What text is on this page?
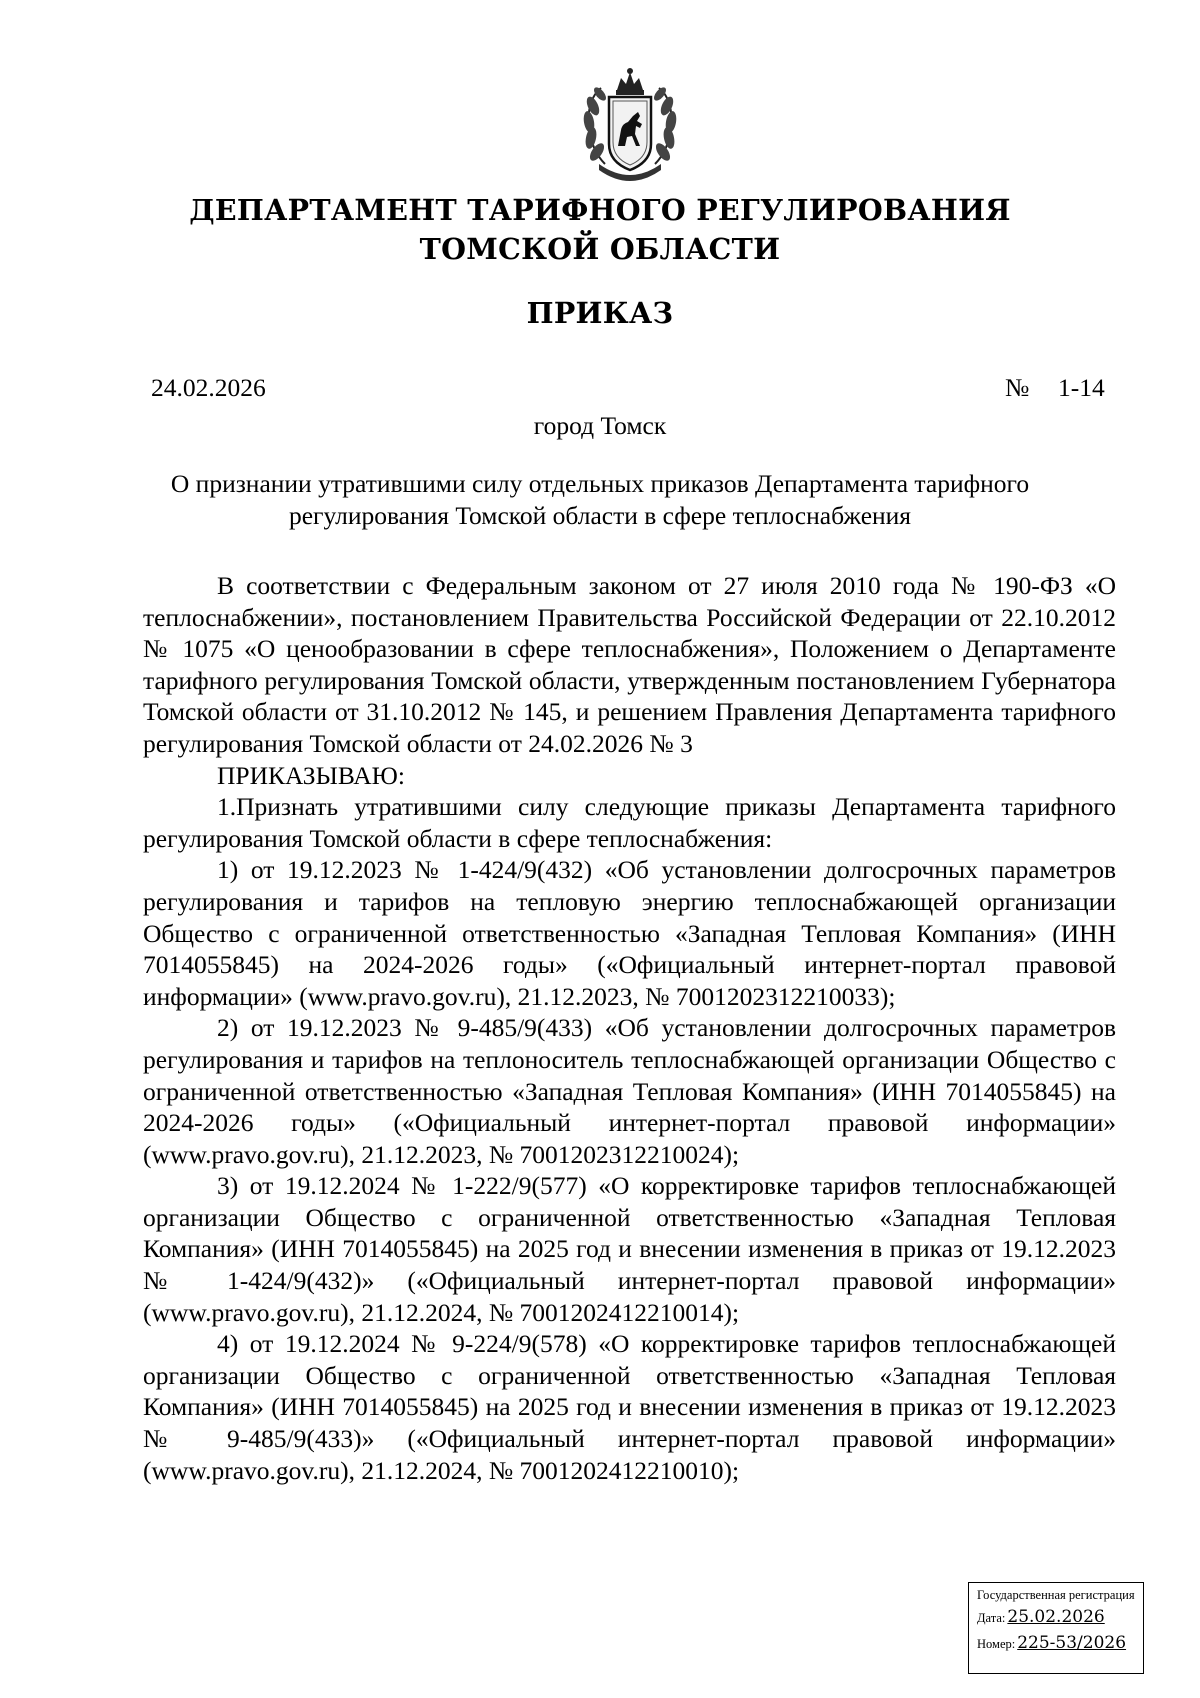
ДЕПАРТАМЕНТ ТАРИФНОГО РЕГУЛИРОВАНИЯ
ТОМСКОЙ ОБЛАСТИ
ПРИКАЗ
24.02.2026	№ 1-14
город Томск
О признании утратившими силу отдельных приказов Департамента тарифного
регулирования Томской области в сфере теплоснабжения

В соответствии с Федеральным законом от 27 июля 2010 года № 190-ФЗ «О теплоснабжении», постановлением Правительства Российской Федерации от 22.10.2012 № 1075 «О ценообразовании в сфере теплоснабжения», Положением о Департаменте тарифного регулирования Томской области, утвержденным постановлением Губернатора Томской области от 31.10.2012 № 145, и решением Правления Департамента тарифного регулирования Томской области от 24.02.2026 № 3

ПРИКАЗЫВАЮ:

1.Признать утратившими силу следующие приказы Департамента тарифного регулирования Томской области в сфере теплоснабжения:

1) от 19.12.2023 № 1-424/9(432) «Об установлении долгосрочных параметров регулирования и тарифов на тепловую энергию теплоснабжающей организации Общество с ограниченной ответственностью «Западная Тепловая Компания» (ИНН 7014055845) на 2024-2026 годы» («Официальный интернет-портал правовой информации» (www.pravo.gov.ru), 21.12.2023, № 7001202312210033);

2) от 19.12.2023 № 9-485/9(433) «Об установлении долгосрочных параметров регулирования и тарифов на теплоноситель теплоснабжающей организации Общество с ограниченной ответственностью «Западная Тепловая Компания» (ИНН 7014055845) на 2024-2026 годы» («Официальный интернет-портал правовой информации» (www.pravo.gov.ru), 21.12.2023, № 7001202312210024);

3) от 19.12.2024 № 1-222/9(577) «О корректировке тарифов теплоснабжающей организации Общество с ограниченной ответственностью «Западная Тепловая Компания» (ИНН 7014055845) на 2025 год и внесении изменения в приказ от 19.12.2023 № 1-424/9(432)» («Официальный интернет-портал правовой информации» (www.pravo.gov.ru), 21.12.2024, № 7001202412210014);

4) от 19.12.2024 № 9-224/9(578) «О корректировке тарифов теплоснабжающей организации Общество с ограниченной ответственностью «Западная Тепловая Компания» (ИНН 7014055845) на 2025 год и внесении изменения в приказ от 19.12.2023 № 9-485/9(433)» («Официальный интернет-портал правовой информации» (www.pravo.gov.ru), 21.12.2024, № 7001202412210010);

Государственная регистрация
Дата: 25.02.2026
Номер: 225-53/2026
